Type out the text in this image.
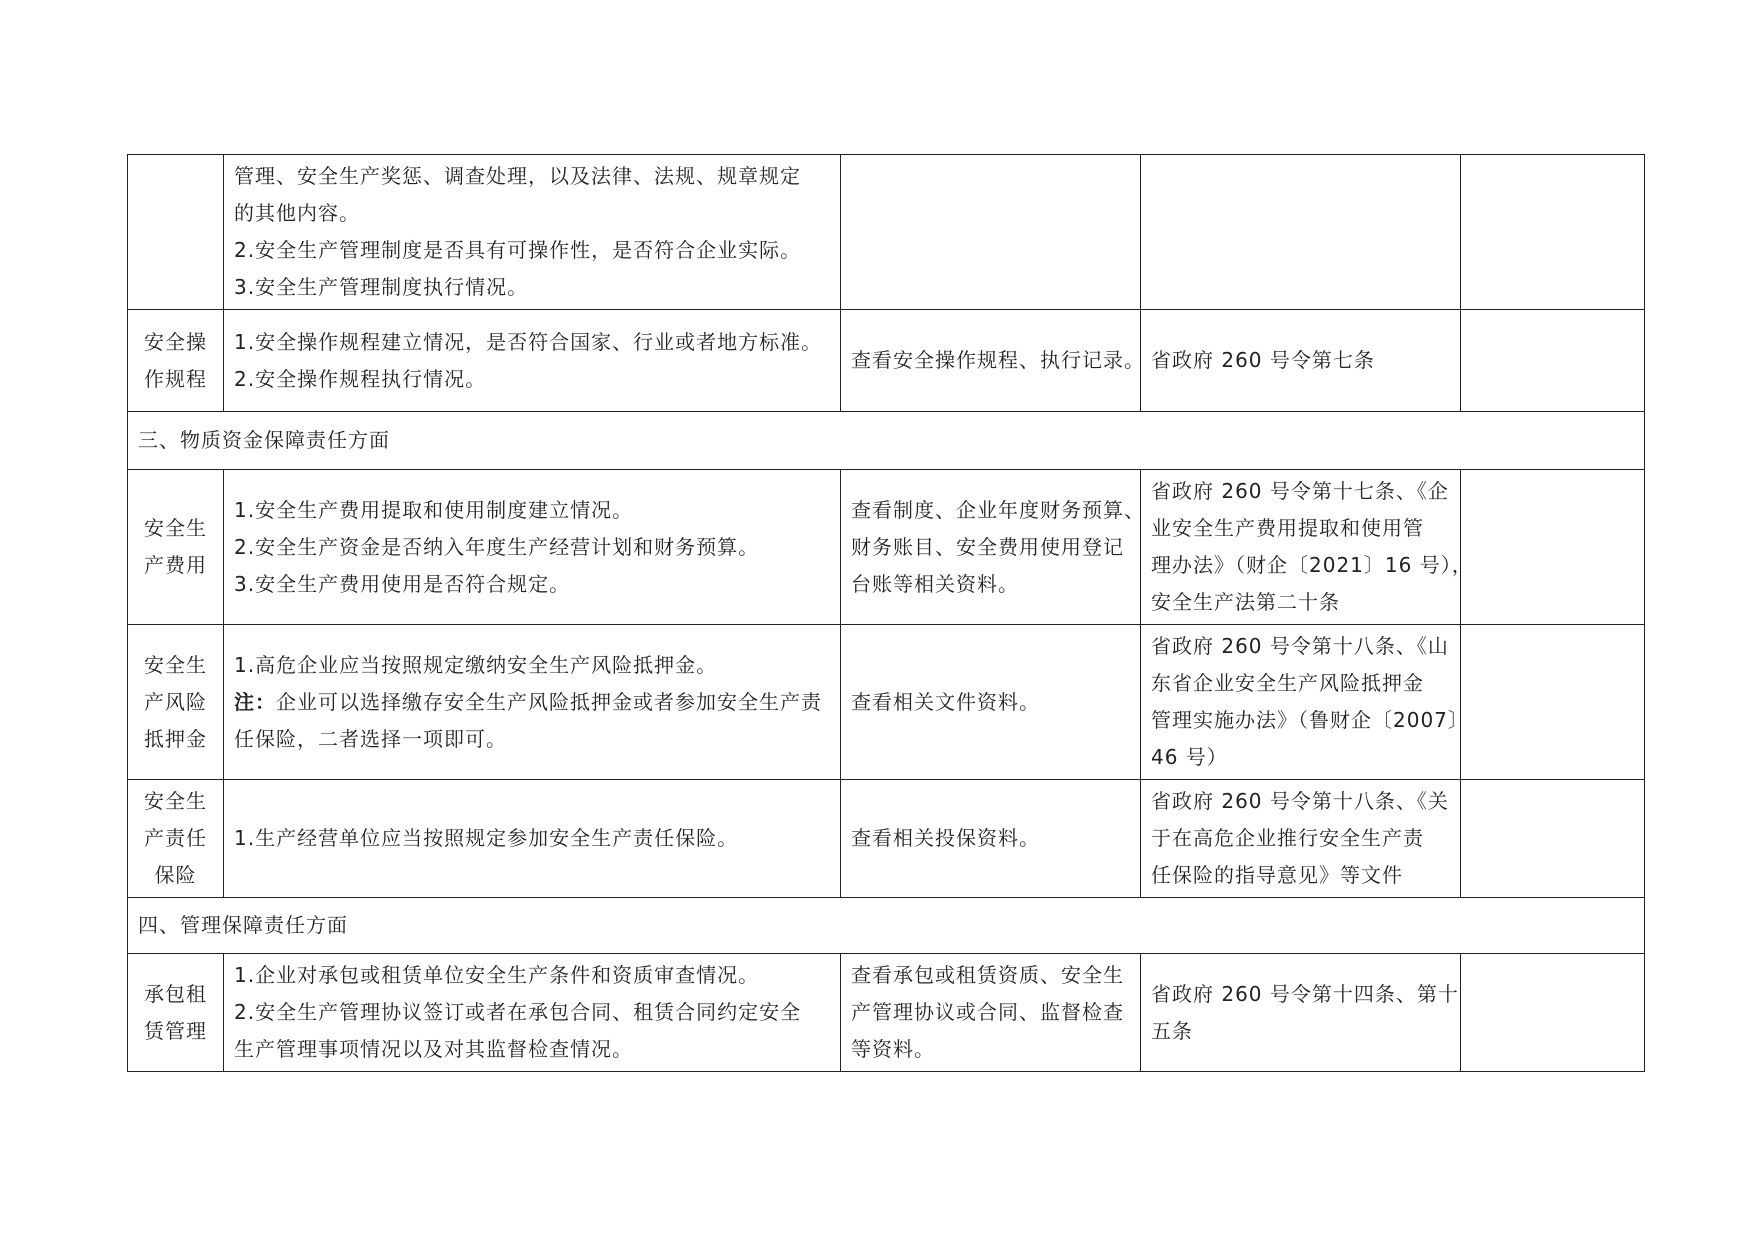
	管理、安全生产奖惩、调查处理，以及法律、法规、规章规定
的其他内容。
2.安全生产管理制度是否具有可操作性，是否符合企业实际。
3.安全生产管理制度执行情况。			

安全操
作规程	1.安全操作规程建立情况，是否符合国家、行业或者地方标准。
2.安全操作规程执行情况。	查看安全操作规程、执行记录。	省政府 260 号令第七条	

三、物质资金保障责任方面				

安全生
产费用	1.安全生产费用提取和使用制度建立情况。
2.安全生产资金是否纳入年度生产经营计划和财务预算。
3.安全生产费用使用是否符合规定。	查看制度、企业年度财务预算、
财务账目、安全费用使用登记
台账等相关资料。	省政府 260 号令第十七条、《企
业安全生产费用提取和使用管
理办法》（财企〔2021〕16 号），
安全生产法第二十条	

安全生
产风险
抵押金	1.高危企业应当按照规定缴纳安全生产风险抵押金。
注：企业可以选择缴存安全生产风险抵押金或者参加安全生产责任保险，二者选择一项即可。	查看相关文件资料。	省政府 260 号令第十八条、《山
东省企业安全生产风险抵押金
管理实施办法》（鲁财企〔2007〕
46 号）	

安全生
产责任
保险	1.生产经营单位应当按照规定参加安全生产责任保险。	查看相关投保资料。	省政府 260 号令第十八条、《关
于在高危企业推行安全生产责
任保险的指导意见》等文件	

四、管理保障责任方面				

承包租
赁管理	1.企业对承包或租赁单位安全生产条件和资质审查情况。
2.安全生产管理协议签订或者在承包合同、租赁合同约定安全
生产管理事项情况以及对其监督检查情况。	查看承包或租赁资质、安全生
产管理协议或合同、监督检查
等资料。	省政府 260 号令第十四条、第十
五条	
